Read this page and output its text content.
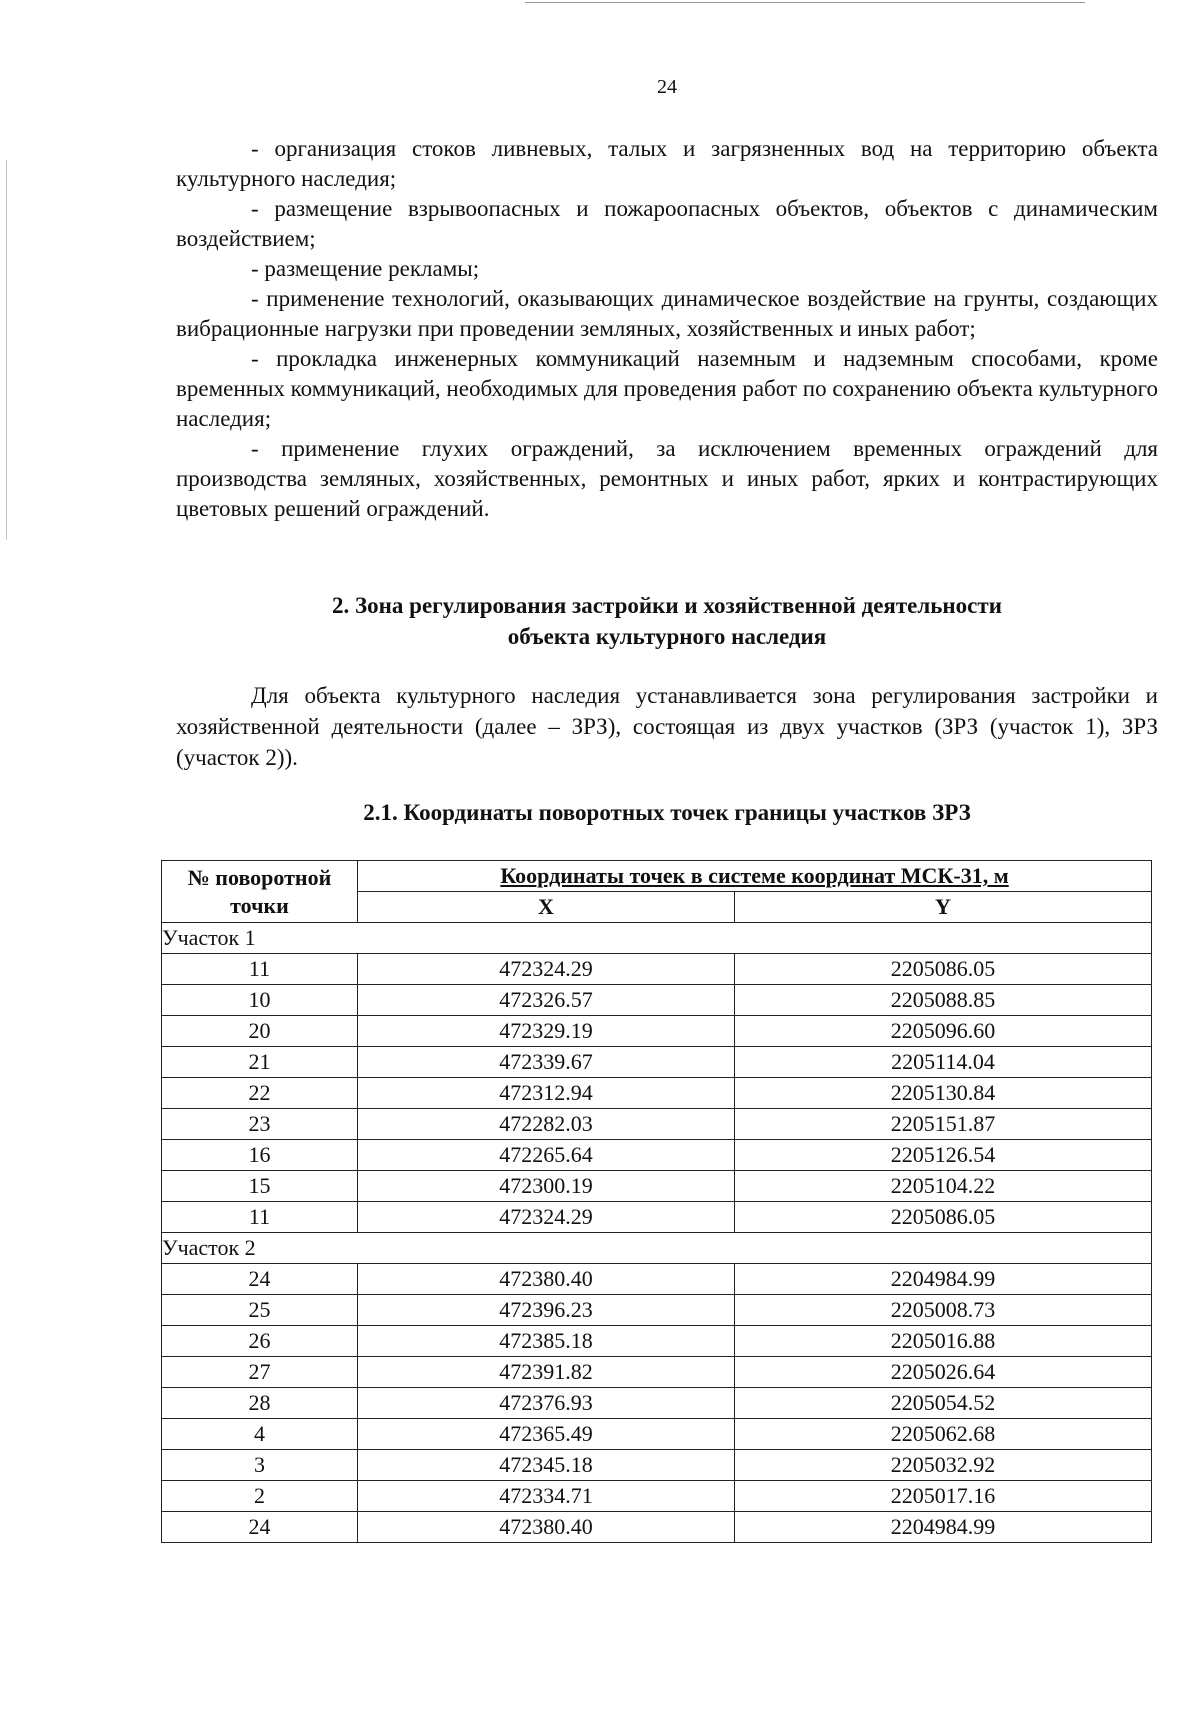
24

- организация стоков ливневых, талых и загрязненных вод на территорию объекта культурного наследия;

- размещение взрывоопасных и пожароопасных объектов, объектов с динамическим воздействием;

- размещение рекламы;

- применение технологий, оказывающих динамическое воздействие на грунты, создающих вибрационные нагрузки при проведении земляных, хозяйственных и иных работ;

- прокладка инженерных коммуникаций наземным и надземным способами, кроме временных коммуникаций, необходимых для проведения работ по сохранению объекта культурного наследия;

- применение глухих ограждений, за исключением временных ограждений для производства земляных, хозяйственных, ремонтных и иных работ, ярких и контрастирующих цветовых решений ограждений.

2. Зона регулирования застройки и хозяйственной деятельности
объекта культурного наследия
Для объекта культурного наследия устанавливается зона регулирования застройки и хозяйственной деятельности (далее – ЗРЗ), состоящая из двух участков (ЗРЗ (участок 1), ЗРЗ (участок 2)).
2.1. Координаты поворотных точек границы участков ЗРЗ
№ поворотной точки	Координаты точек в системе координат МСК-31, м	
	X	Y
Участок 1		
11	472324.29	2205086.05
10	472326.57	2205088.85
20	472329.19	2205096.60
21	472339.67	2205114.04
22	472312.94	2205130.84
23	472282.03	2205151.87
16	472265.64	2205126.54
15	472300.19	2205104.22
11	472324.29	2205086.05
Участок 2		
24	472380.40	2204984.99
25	472396.23	2205008.73
26	472385.18	2205016.88
27	472391.82	2205026.64
28	472376.93	2205054.52
4	472365.49	2205062.68
3	472345.18	2205032.92
2	472334.71	2205017.16
24	472380.40	2204984.99
